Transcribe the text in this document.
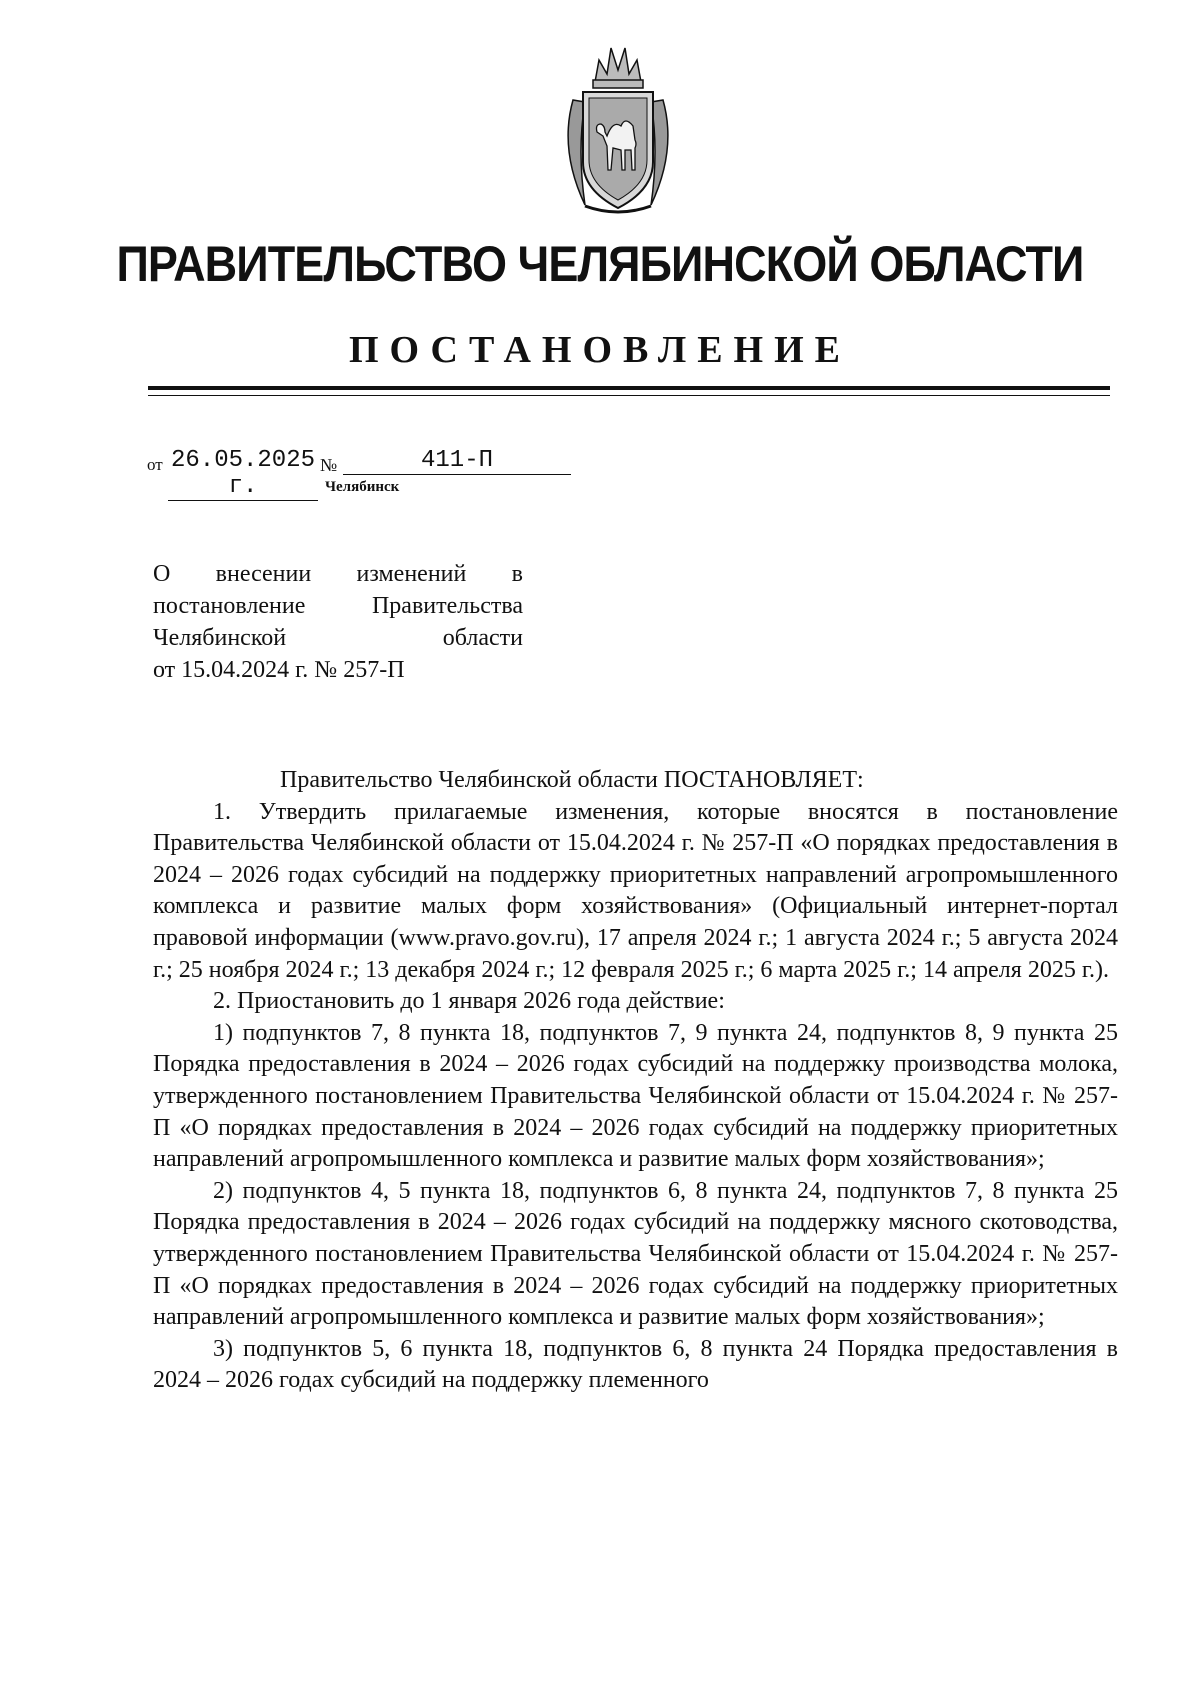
ПРАВИТЕЛЬСТВО ЧЕЛЯБИНСКОЙ ОБЛАСТИ
ПОСТАНОВЛЕНИЕ
от 26.05.2025 г.
№	411-П
Челябинск
О внесении изменений в
постановление Правительства
Челябинской области
от 15.04.2024 г. № 257-П

Правительство Челябинской области ПОСТАНОВЛЯЕТ:

1. Утвердить прилагаемые изменения, которые вносятся в постановление Правительства Челябинской области от 15.04.2024 г. № 257-П «О порядках предоставления в 2024 – 2026 годах субсидий на поддержку приоритетных направлений агропромышленного комплекса и развитие малых форм хозяйствования» (Официальный интернет-портал правовой информации (www.pravo.gov.ru), 17 апреля 2024 г.; 1 августа 2024 г.; 5 августа 2024 г.; 25 ноября 2024 г.; 13 декабря 2024 г.; 12 февраля 2025 г.; 6 марта 2025 г.; 14 апреля 2025 г.).

2. Приостановить до 1 января 2026 года действие:

1) подпунктов 7, 8 пункта 18, подпунктов 7, 9 пункта 24, подпунктов 8, 9 пункта 25 Порядка предоставления в 2024 – 2026 годах субсидий на поддержку производства молока, утвержденного постановлением Правительства Челябинской области от 15.04.2024 г. № 257-П «О порядках предоставления в 2024 – 2026 годах субсидий на поддержку приоритетных направлений агропромышленного комплекса и развитие малых форм хозяйствования»;

2) подпунктов 4, 5 пункта 18, подпунктов 6, 8 пункта 24, подпунктов 7, 8 пункта 25 Порядка предоставления в 2024 – 2026 годах субсидий на поддержку мясного скотоводства, утвержденного постановлением Правительства Челябинской области от 15.04.2024 г. № 257-П «О порядках предоставления в 2024 – 2026 годах субсидий на поддержку приоритетных направлений агропромышленного комплекса и развитие малых форм хозяйствования»;

3) подпунктов 5, 6 пункта 18, подпунктов 6, 8 пункта 24 Порядка предоставления в 2024 – 2026 годах субсидий на поддержку племенного
